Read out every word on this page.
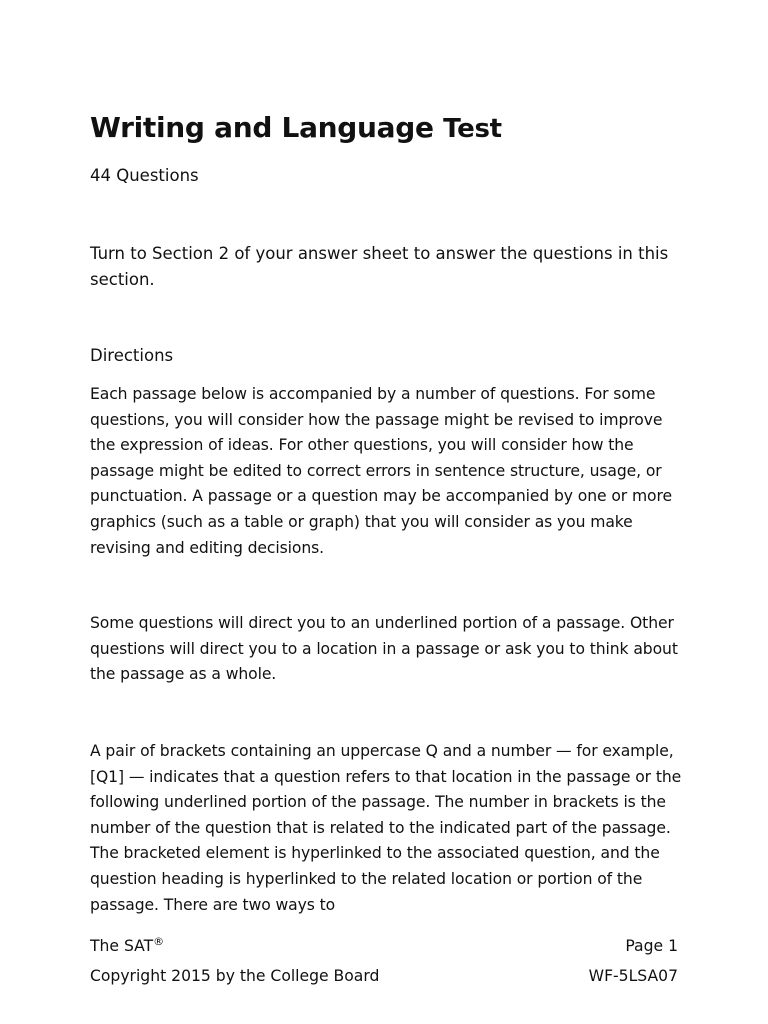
Writing and Language Test

44 Questions

Turn to Section 2 of your answer sheet to answer the questions in this section.

Directions

Each passage below is accompanied by a number of questions. For some questions, you will consider how the passage might be revised to improve the expression of ideas. For other questions, you will consider how the passage might be edited to correct errors in sentence structure, usage, or punctuation. A passage or a question may be accompanied by one or more graphics (such as a table or graph) that you will consider as you make revising and editing decisions.

Some questions will direct you to an underlined portion of a passage. Other questions will direct you to a location in a passage or ask you to think about the passage as a whole.

A pair of brackets containing an uppercase Q and a number — for example, [Q1] — indicates that a question refers to that location in the passage or the following underlined portion of the passage. The number in brackets is the number of the question that is related to the indicated part of the passage. The bracketed element is hyperlinked to the associated question, and the question heading is hyperlinked to the related location or portion of the passage. There are two ways to

The SAT®	Page 1
Copyright 2015 by the College Board	WF-5LSA07
